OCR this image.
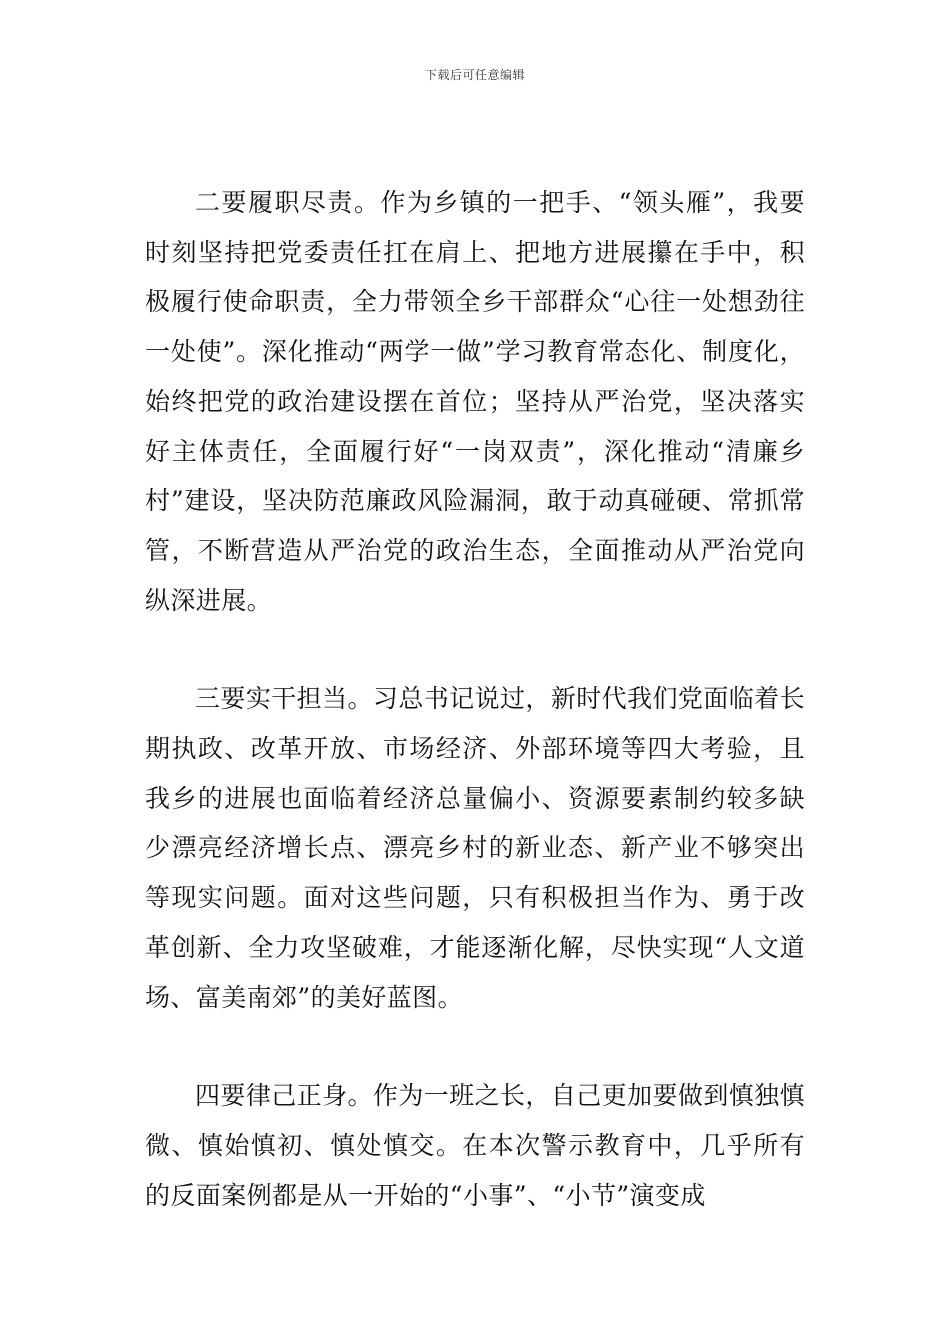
下载后可任意编辑

二要履职尽责。作为乡镇的一把手、“领头雁”，我要时刻坚持把党委责任扛在肩上、把地方进展攥在手中，积极履行使命职责，全力带领全乡干部群众“心往一处想劲往一处使”。深化推动“两学一做”学习教育常态化、制度化，始终把党的政治建设摆在首位；坚持从严治党，坚决落实好主体责任，全面履行好“一岗双责”，深化推动“清廉乡村”建设，坚决防范廉政风险漏洞，敢于动真碰硬、常抓常管，不断营造从严治党的政治生态，全面推动从严治党向纵深进展。

三要实干担当。习总书记说过，新时代我们党面临着长期执政、改革开放、市场经济、外部环境等四大考验，且我乡的进展也面临着经济总量偏小、资源要素制约较多缺少漂亮经济增长点、漂亮乡村的新业态、新产业不够突出等现实问题。面对这些问题，只有积极担当作为、勇于改革创新、全力攻坚破难，才能逐渐化解，尽快实现“人文道场、富美南郊”的美好蓝图。

四要律己正身。作为一班之长，自己更加要做到慎独慎微、慎始慎初、慎处慎交。在本次警示教育中，几乎所有的反面案例都是从一开始的“小事”、“小节”演变成
